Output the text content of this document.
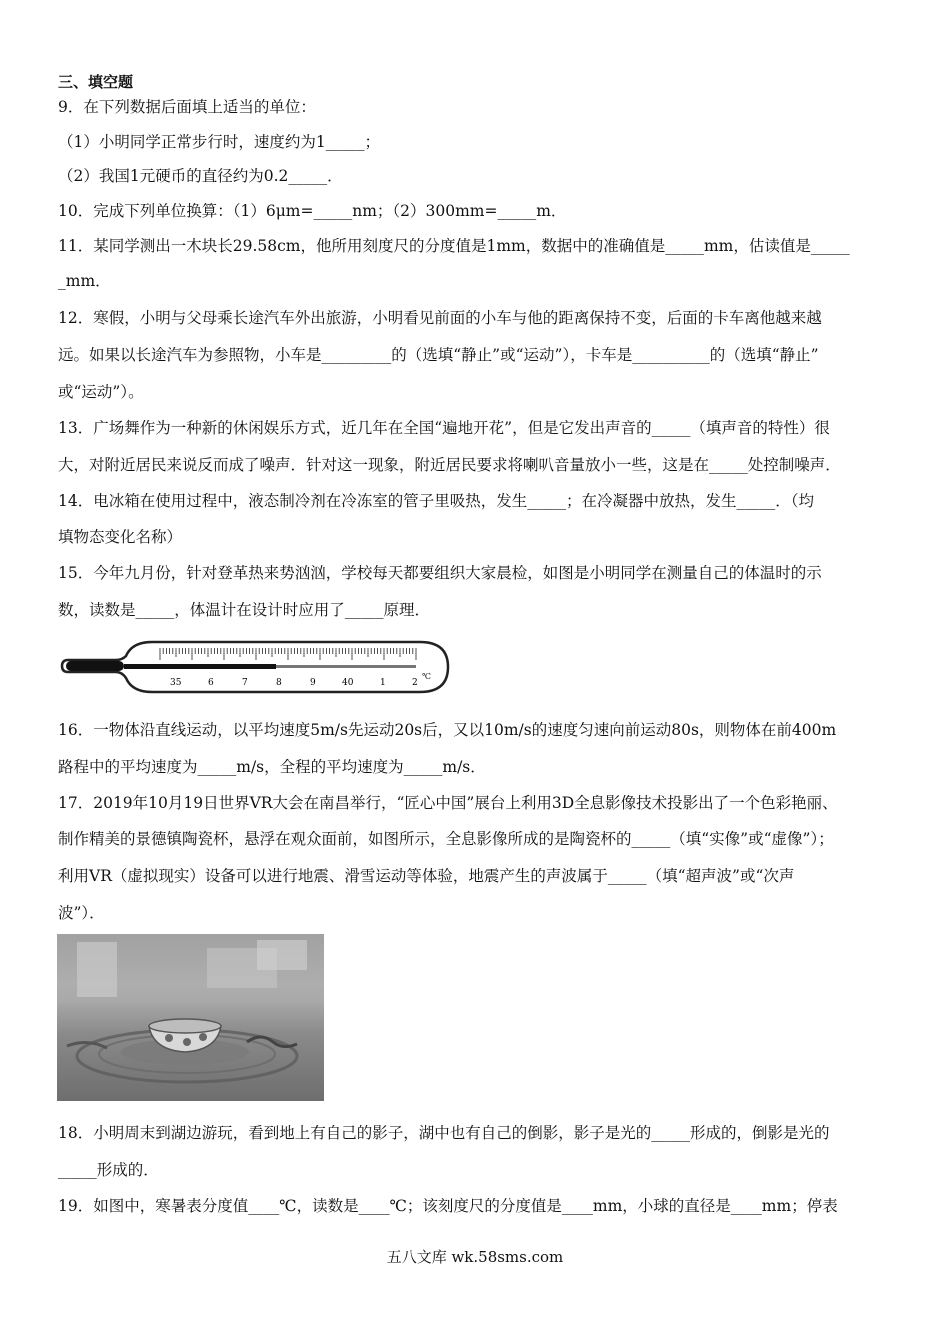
三、填空题
9．在下列数据后面填上适当的单位：
（1）小明同学正常步行时，速度约为1_____；
（2）我国1元硬币的直径约为0.2_____．
10．完成下列单位换算：（1）6μm=_____nm；（2）300mm=_____m．
11．某同学测出一木块长29.58cm，他所用刻度尺的分度值是1mm，数据中的准确值是_____mm，估读值是_____
_mm．
12．寒假，小明与父母乘长途汽车外出旅游，小明看见前面的小车与他的距离保持不变，后面的卡车离他越来越
远。如果以长途汽车为参照物，小车是_________的（选填“静止”或“运动”），卡车是__________的（选填“静止”
或“运动”）。
13．广场舞作为一种新的休闲娱乐方式，近几年在全国“遍地开花”，但是它发出声音的_____（填声音的特性）很
大，对附近居民来说反而成了噪声．针对这一现象，附近居民要求将喇叭音量放小一些，这是在_____处控制噪声．
14．电冰箱在使用过程中，液态制冷剂在冷冻室的管子里吸热，发生_____；在冷凝器中放热，发生_____．（均
填物态变化名称）
15．今年九月份，针对登革热来势汹汹，学校每天都要组织大家晨检，如图是小明同学在测量自己的体温时的示
数，读数是_____，体温计在设计时应用了_____原理．
35	6	7	8	9	40	1	2
℃
16．一物体沿直线运动，以平均速度5m/s先运动20s后，又以10m/s的速度匀速向前运动80s，则物体在前400m
路程中的平均速度为_____m/s，全程的平均速度为_____m/s．
17．2019年10月19日世界VR大会在南昌举行，“匠心中国”展台上利用3D全息影像技术投影出了一个色彩艳丽、
制作精美的景德镇陶瓷杯，悬浮在观众面前，如图所示，全息影像所成的是陶瓷杯的_____（填“实像”或“虚像”）；
利用VR（虚拟现实）设备可以进行地震、滑雪运动等体验，地震产生的声波属于_____（填“超声波”或“次声
波”）．
18．小明周末到湖边游玩，看到地上有自己的影子，湖中也有自己的倒影，影子是光的_____形成的，倒影是光的
_____形成的．
19．如图中，寒暑表分度值____℃，读数是____℃；该刻度尺的分度值是____mm，小球的直径是____mm；停表
五八文库 wk.58sms.com
